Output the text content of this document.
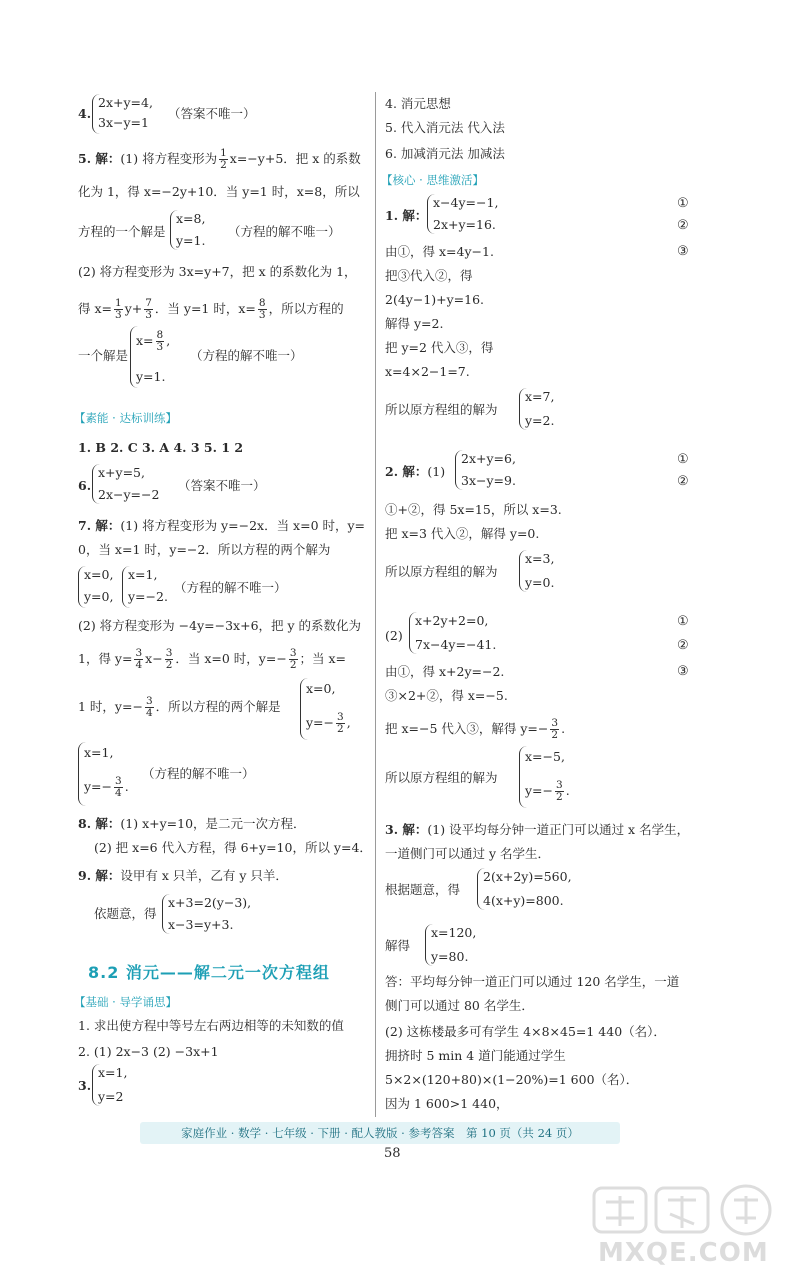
4.
2x+y=4,
3x−y=1
（答案不唯一）
5. 解：(1) 将方程变形为 $\frac{1}{2} x=-y+5$．把 x 的系数
化为 1，得 x=−2y+10．当 y=1 时，x=8，所以
方程的一个解是
x=8,
y=1.
（方程的解不唯一）
(2) 将方程变形为 3x=y+7，把 x 的系数化为 1，
得 $x= \frac{1}{3} y+ \frac{7}{3}$ ．当 y=1 时，$x= \frac{8}{3}$ ，所以方程的
一个解是
$x= \frac{8}{3}$ ,
y=1.
（方程的解不唯一）
【素能 · 达标训练】
1. B 2. C 3. A 4. 3 5. 1 2
6.
x+y=5,
2x−y=−2
（答案不唯一）
7. 解：(1) 将方程变形为 y=−2x．当 x=0 时，y=
0，当 x=1 时，y=−2．所以方程的两个解为
x=0,
y=0,
x=1,
y=−2.
（方程的解不唯一）
(2) 将方程变形为 −4y=−3x+6，把 y 的系数化为
1，得 $y= \frac{3}{4} x- \frac{3}{2}$ ．当 x=0 时，$y=- \frac{3}{2}$ ；当 x=
1 时，$y=- \frac{3}{4}$ ．所以方程的两个解是
x=0,
$y=- \frac{3}{2}$ ,
x=1,
$y=- \frac{3}{4}$ .
（方程的解不唯一）
8. 解：(1) x+y=10，是二元一次方程．
(2) 把 x=6 代入方程，得 6+y=10，所以 y=4．
9. 解：设甲有 x 只羊，乙有 y 只羊．
依题意，得
x+3=2(y−3),
x−3=y+3.
8.2 消元——解二元一次方程组
【基础 · 导学诵思】
1. 求出使方程中等号左右两边相等的未知数的值
2. (1) 2x−3 (2) −3x+1
3.
x=1,
y=2
4. 消元思想
5. 代入消元法 代入法
6. 加减消元法 加减法
【核心 · 思维激活】
1. 解：
x−4y=−1,
2x+y=16.
①
②
由①，得 x=4y−1.	③
把③代入②，得
2(4y−1)+y=16.
解得 y=2.
把 y=2 代入③，得
x=4×2−1=7.
所以原方程组的解为
x=7,
y=2.
2. 解：(1)
2x+y=6,
3x−y=9.
①
②
①+②，得 5x=15，所以 x=3.
把 x=3 代入②，解得 y=0.
所以原方程组的解为
x=3,
y=0.
(2)
x+2y+2=0,
7x−4y=−41.
①
②
由①，得 x+2y=−2.	③
③×2+②，得 x=−5.
把 x=−5 代入③，解得 $y=- \frac{3}{2}$ .
所以原方程组的解为
x=−5,
$y=- \frac{3}{2}$ .
3. 解：(1) 设平均每分钟一道正门可以通过 x 名学生，
一道侧门可以通过 y 名学生．
根据题意，得
2(x+2y)=560,
4(x+y)=800.
解得
x=120,
y=80.
答：平均每分钟一道正门可以通过 120 名学生，一道
侧门可以通过 80 名学生．
(2) 这栋楼最多可有学生 4×8×45=1 440（名）．
拥挤时 5 min 4 道门能通过学生
5×2×(120+80)×(1−20%)=1 600（名）．
因为 1 600>1 440，
家庭作业 · 数学 · 七年级 · 下册 · 配人教版 · 参考答案　第 10 页（共 24 页）
58
MXQE.COM
